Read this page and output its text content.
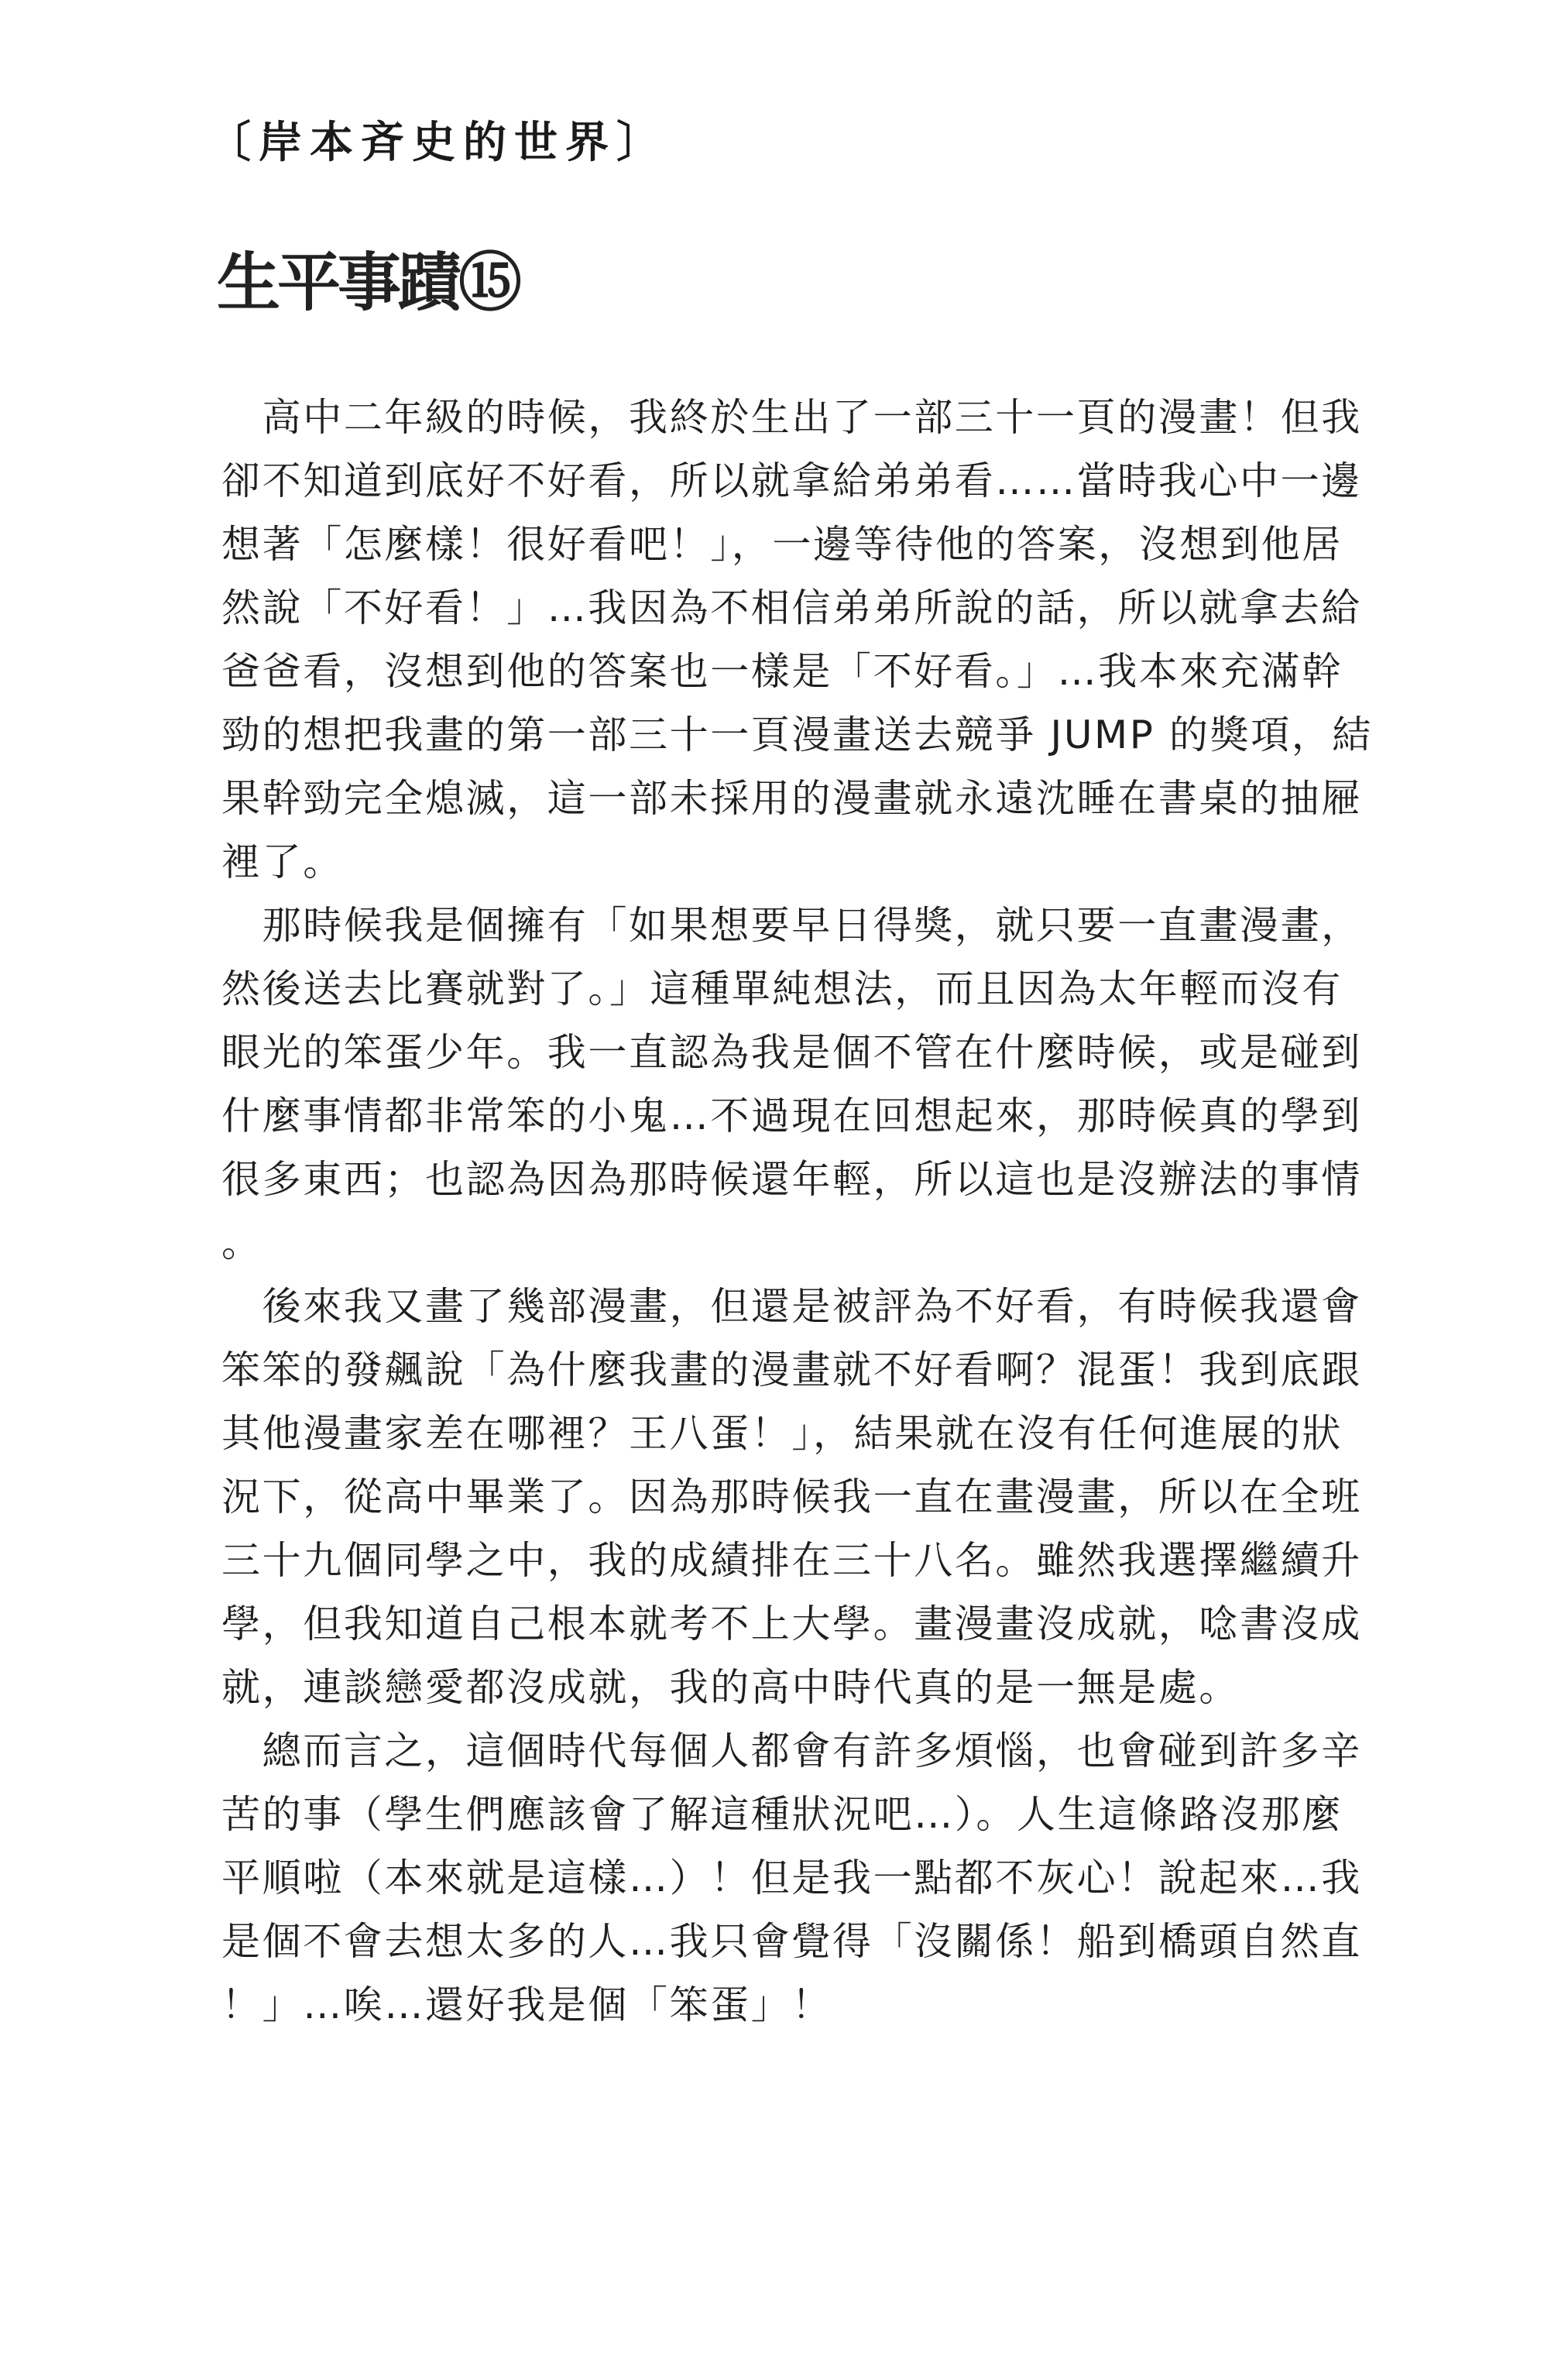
〔岸本斉史的世界〕
生平事蹟⑮
　高中二年級的時候，我終於生出了一部三十一頁的漫畫！但我
卻不知道到底好不好看，所以就拿給弟弟看……當時我心中一邊
想著「怎麼樣！很好看吧！」，一邊等待他的答案，沒想到他居
然說「不好看！」…我因為不相信弟弟所說的話，所以就拿去給
爸爸看，沒想到他的答案也一樣是「不好看。」…我本來充滿幹
勁的想把我畫的第一部三十一頁漫畫送去競爭 JUMP 的獎項，結
果幹勁完全熄滅，這一部未採用的漫畫就永遠沈睡在書桌的抽屜
裡了。
　那時候我是個擁有「如果想要早日得獎，就只要一直畫漫畫，
然後送去比賽就對了。」這種單純想法，而且因為太年輕而沒有
眼光的笨蛋少年。我一直認為我是個不管在什麼時候，或是碰到
什麼事情都非常笨的小鬼…不過現在回想起來，那時候真的學到
很多東西；也認為因為那時候還年輕，所以這也是沒辦法的事情
。
　後來我又畫了幾部漫畫，但還是被評為不好看，有時候我還會
笨笨的發飆說「為什麼我畫的漫畫就不好看啊？混蛋！我到底跟
其他漫畫家差在哪裡？王八蛋！」，結果就在沒有任何進展的狀
況下，從高中畢業了。因為那時候我一直在畫漫畫，所以在全班
三十九個同學之中，我的成績排在三十八名。雖然我選擇繼續升
學，但我知道自己根本就考不上大學。畫漫畫沒成就，唸書沒成
就，連談戀愛都沒成就，我的高中時代真的是一無是處。
　總而言之，這個時代每個人都會有許多煩惱，也會碰到許多辛
苦的事（學生們應該會了解這種狀況吧…）。人生這條路沒那麼
平順啦（本來就是這樣…）！但是我一點都不灰心！說起來…我
是個不會去想太多的人…我只會覺得「沒關係！船到橋頭自然直
！」…唉…還好我是個「笨蛋」！
